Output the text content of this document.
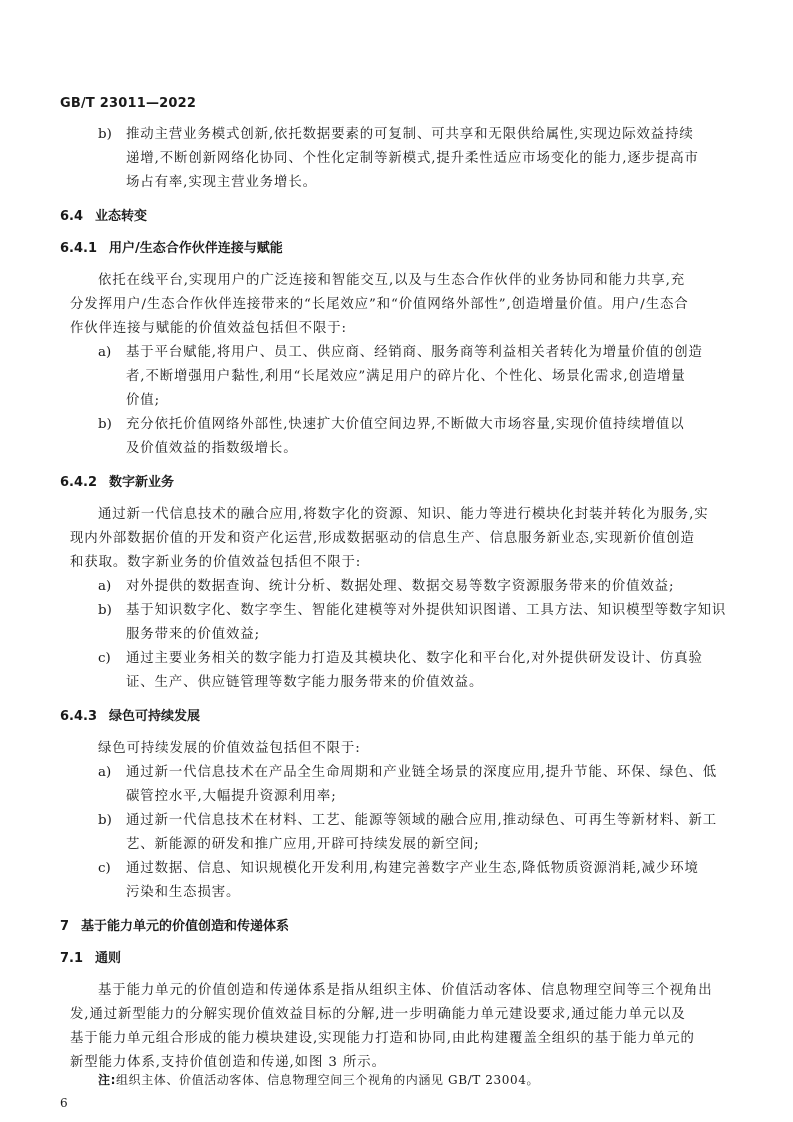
GB/T 23011—2022
b) 推动主营业务模式创新,依托数据要素的可复制、可共享和无限供给属性,实现边际效益持续
递增,不断创新网络化协同、个性化定制等新模式,提升柔性适应市场变化的能力,逐步提高市
场占有率,实现主营业务增长。
6.4 业态转变
6.4.1 用户/生态合作伙伴连接与赋能
依托在线平台,实现用户的广泛连接和智能交互,以及与生态合作伙伴的业务协同和能力共享,充
分发挥用户/生态合作伙伴连接带来的“长尾效应”和“价值网络外部性”,创造增量价值。用户/生态合
作伙伴连接与赋能的价值效益包括但不限于:
a) 基于平台赋能,将用户、员工、供应商、经销商、服务商等利益相关者转化为增量价值的创造
者,不断增强用户黏性,利用“长尾效应”满足用户的碎片化、个性化、场景化需求,创造增量
价值;
b) 充分依托价值网络外部性,快速扩大价值空间边界,不断做大市场容量,实现价值持续增值以
及价值效益的指数级增长。
6.4.2 数字新业务
通过新一代信息技术的融合应用,将数字化的资源、知识、能力等进行模块化封装并转化为服务,实
现内外部数据价值的开发和资产化运营,形成数据驱动的信息生产、信息服务新业态,实现新价值创造
和获取。数字新业务的价值效益包括但不限于:
a) 对外提供的数据查询、统计分析、数据处理、数据交易等数字资源服务带来的价值效益;
b) 基于知识数字化、数字孪生、智能化建模等对外提供知识图谱、工具方法、知识模型等数字知识
服务带来的价值效益;
c) 通过主要业务相关的数字能力打造及其模块化、数字化和平台化,对外提供研发设计、仿真验
证、生产、供应链管理等数字能力服务带来的价值效益。
6.4.3 绿色可持续发展
绿色可持续发展的价值效益包括但不限于:
a) 通过新一代信息技术在产品全生命周期和产业链全场景的深度应用,提升节能、环保、绿色、低
碳管控水平,大幅提升资源利用率;
b) 通过新一代信息技术在材料、工艺、能源等领域的融合应用,推动绿色、可再生等新材料、新工
艺、新能源的研发和推广应用,开辟可持续发展的新空间;
c) 通过数据、信息、知识规模化开发利用,构建完善数字产业生态,降低物质资源消耗,减少环境
污染和生态损害。
7 基于能力单元的价值创造和传递体系
7.1 通则
基于能力单元的价值创造和传递体系是指从组织主体、价值活动客体、信息物理空间等三个视角出
发,通过新型能力的分解实现价值效益目标的分解,进一步明确能力单元建设要求,通过能力单元以及
基于能力单元组合形成的能力模块建设,实现能力打造和协同,由此构建覆盖全组织的基于能力单元的
新型能力体系,支持价值创造和传递,如图 3 所示。
注:组织主体、价值活动客体、信息物理空间三个视角的内涵见 GB/T 23004。
6
